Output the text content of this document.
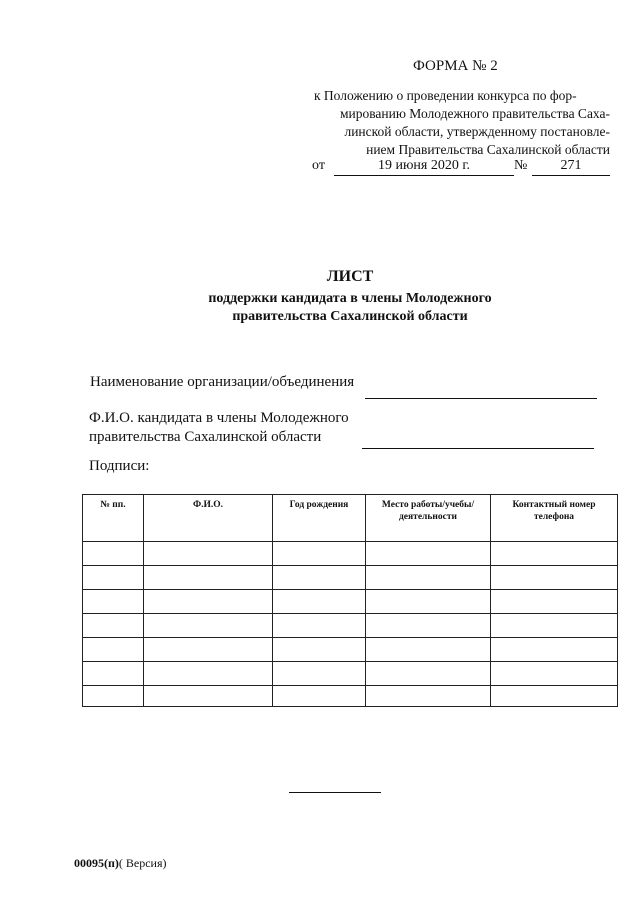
ФОРМА № 2
к Положению о проведении конкурса по фор-
мированию Молодежного правительства Саха-
линской области, утвержденному постановле-
нием Правительства Сахалинской области
от	19 июня 2020 г.	№	271
ЛИСТ
поддержки кандидата в члены Молодежного
правительства Сахалинской области
Наименование организации/объединения
Ф.И.О. кандидата в члены Молодежного
правительства Сахалинской области
Подписи:
№ пп.	Ф.И.О.	Год рождения	Место работы/учебы/ деятельности	Контактный номер телефона

00095(п)( Версия)
